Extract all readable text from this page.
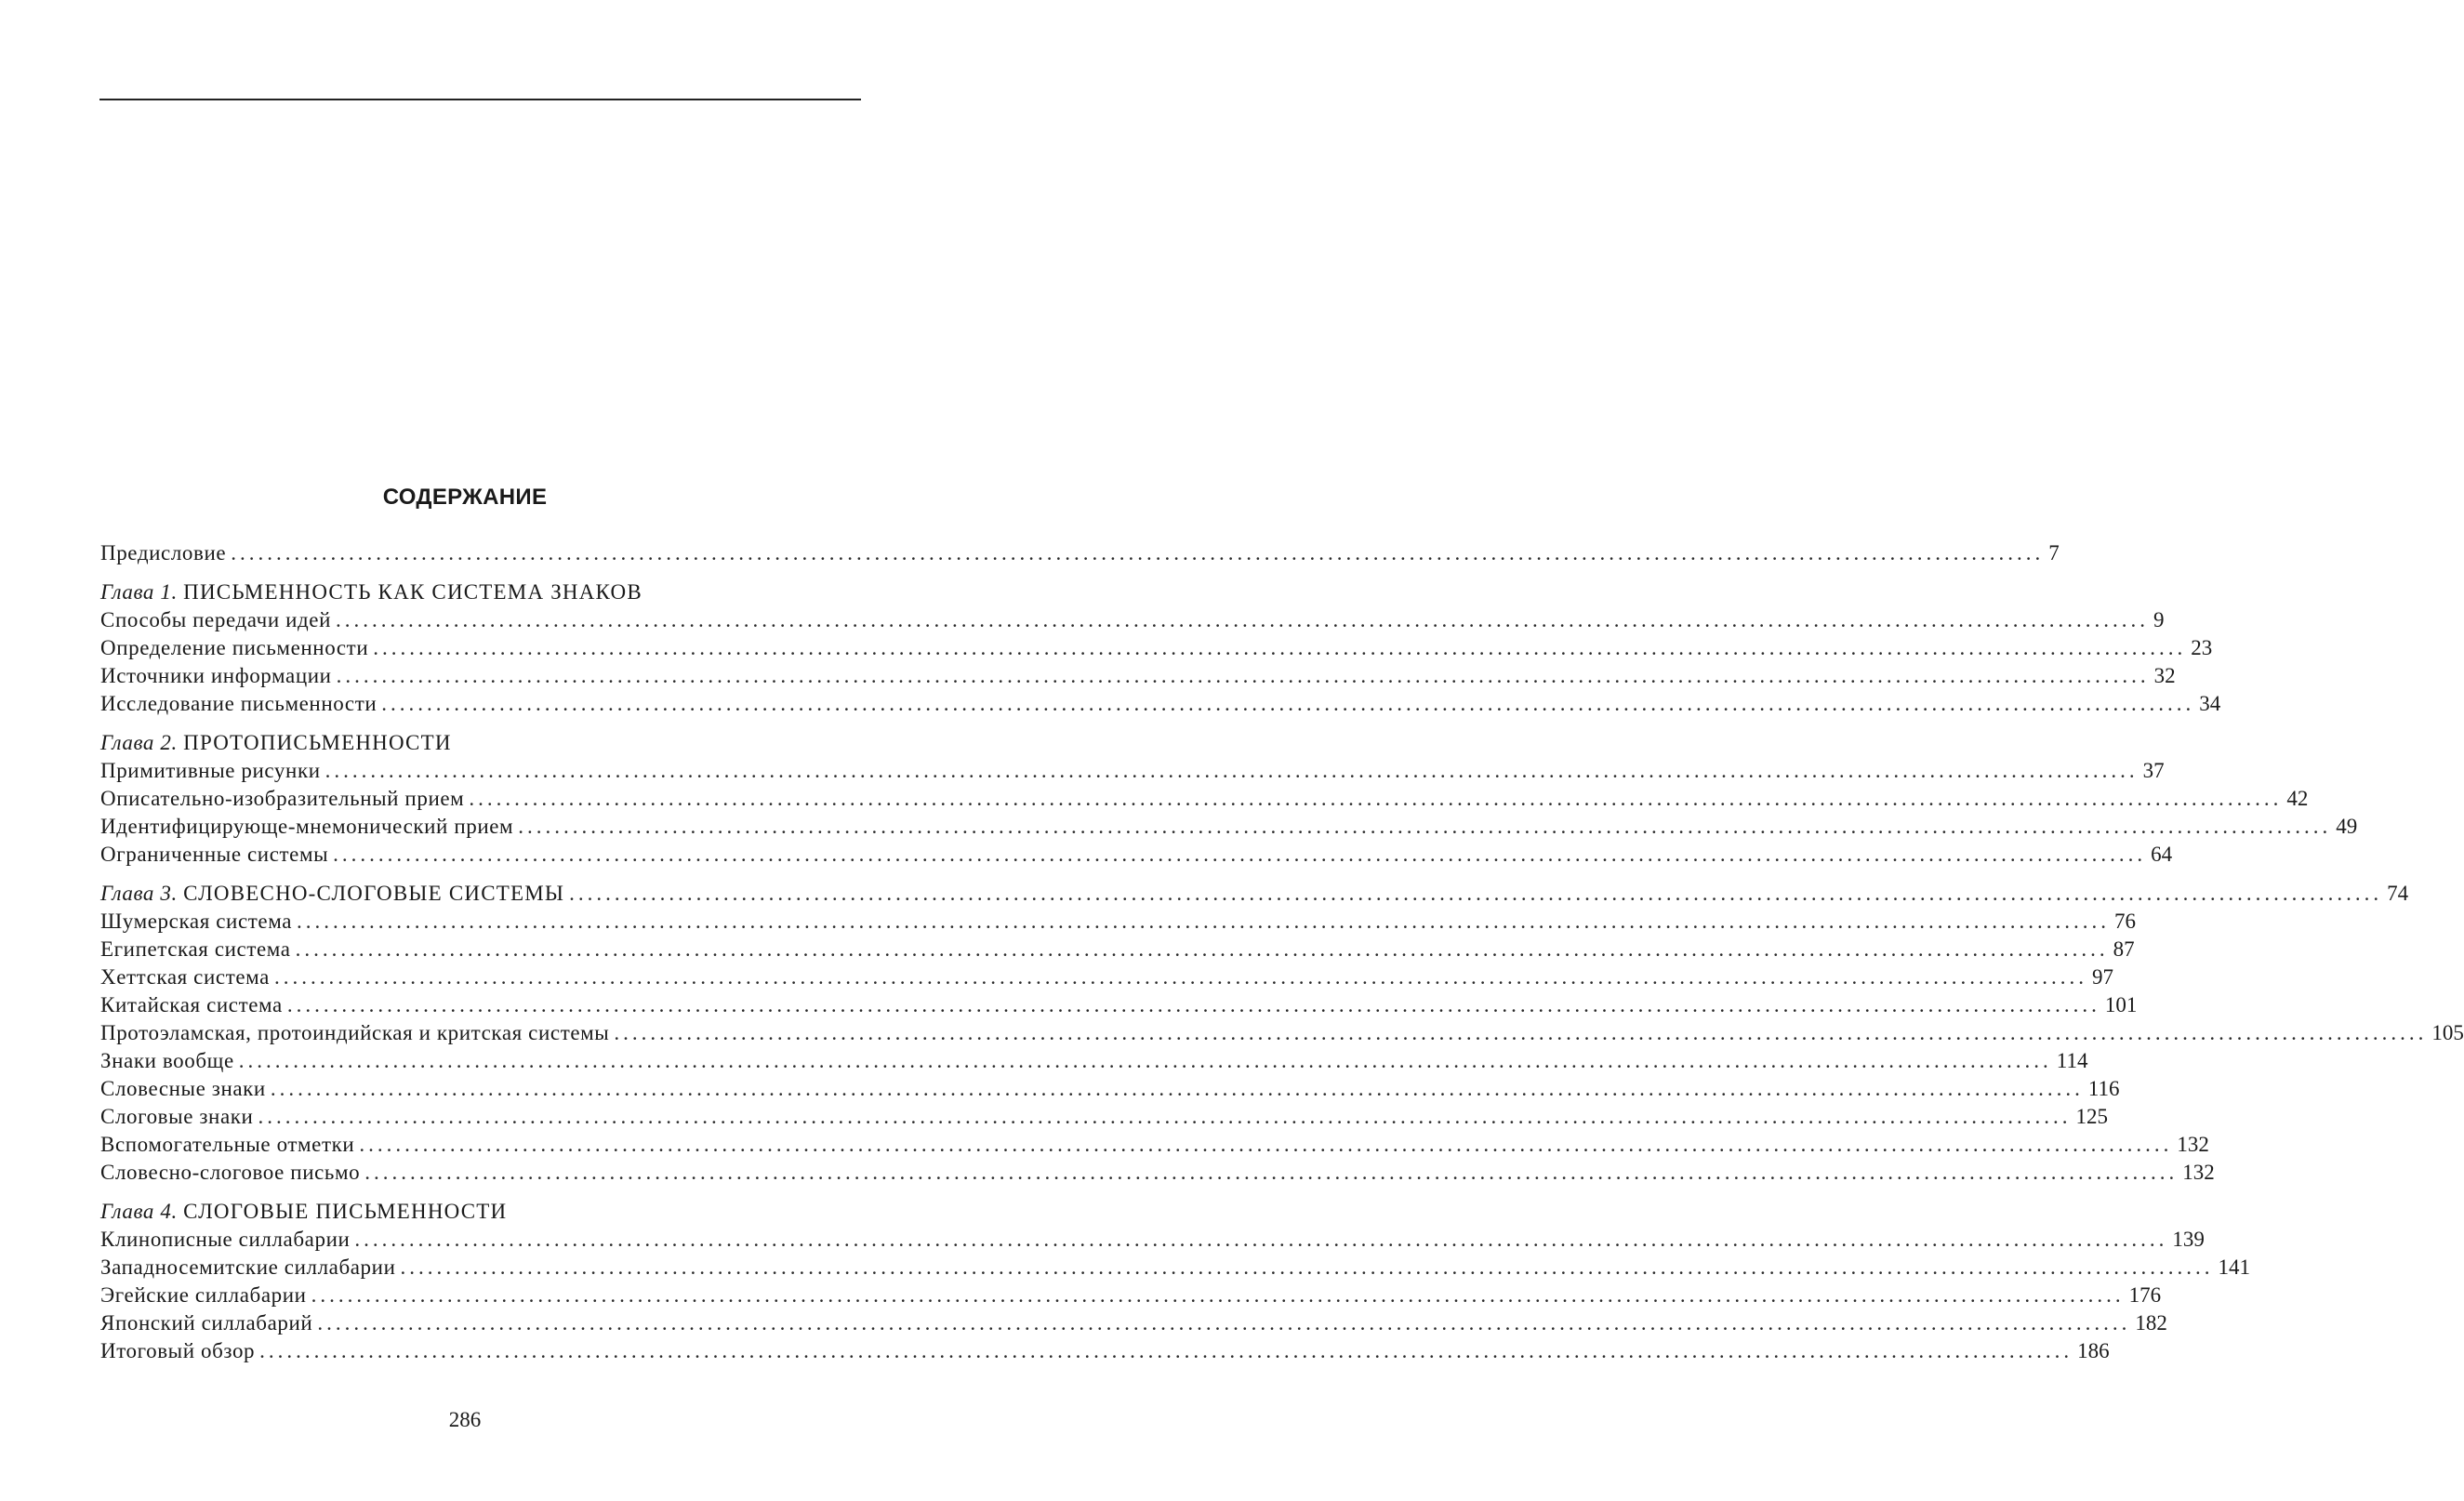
СОДЕРЖАНИЕ
Предисловие ........................................................................................................................................................................................................ 7
Глава 1. ПИСЬМЕННОСТЬ КАК СИСТЕМА ЗНАКОВ
Способы передачи идей ........................................................................................................................................................................................................ 9
Определение письменности ........................................................................................................................................................................................................ 23
Источники информации ........................................................................................................................................................................................................ 32
Исследование письменности ........................................................................................................................................................................................................ 34
Глава 2. ПРОТОПИСЬМЕННОСТИ
Примитивные рисунки ........................................................................................................................................................................................................ 37
Описательно-изобразительный прием ........................................................................................................................................................................................................ 42
Идентифицирующе-мнемонический прием ........................................................................................................................................................................................................ 49
Ограниченные системы ........................................................................................................................................................................................................ 64
Глава 3. СЛОВЕСНО-СЛОГОВЫЕ СИСТЕМЫ ........................................................................................................................................................................................................ 74
Шумерская система ........................................................................................................................................................................................................ 76
Египетская система ........................................................................................................................................................................................................ 87
Хеттская система ........................................................................................................................................................................................................ 97
Китайская система ........................................................................................................................................................................................................ 101
Протоэламская, протоиндийская и критская системы ........................................................................................................................................................................................................ 105
Знаки вообще ........................................................................................................................................................................................................ 114
Словесные знаки ........................................................................................................................................................................................................ 116
Слоговые знаки ........................................................................................................................................................................................................ 125
Вспомогательные отметки ........................................................................................................................................................................................................ 132
Словесно-слоговое письмо ........................................................................................................................................................................................................ 132
Глава 4. СЛОГОВЫЕ ПИСЬМЕННОСТИ
Клинописные силлабарии ........................................................................................................................................................................................................ 139
Западносемитские силлабарии ........................................................................................................................................................................................................ 141
Эгейские силлабарии ........................................................................................................................................................................................................ 176
Японский силлабарий ........................................................................................................................................................................................................ 182
Итоговый обзор ........................................................................................................................................................................................................ 186
286
